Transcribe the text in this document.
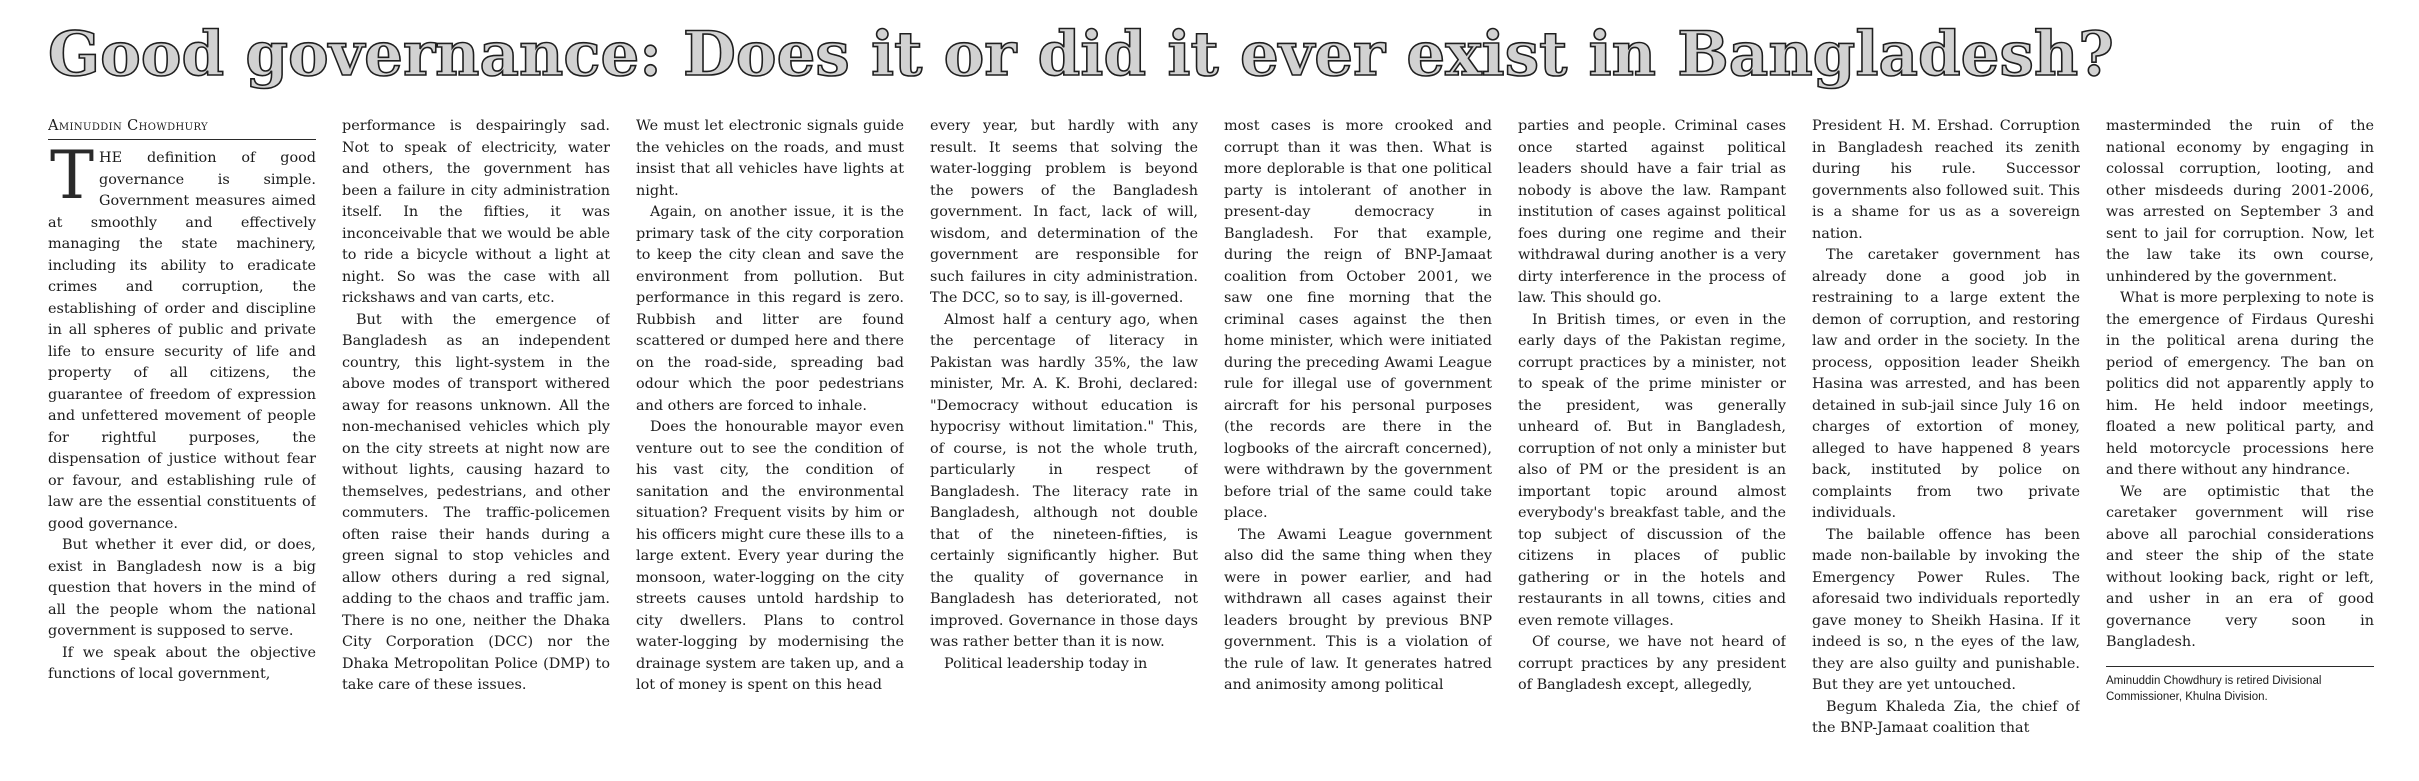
Good governance: Does it or did it ever exist in Bangladesh?
Aminuddin Chowdhury

THE definition of good governance is simple. Government measures aimed at smoothly and effectively managing the state machinery, including its ability to eradicate crimes and corruption, the establishing of order and discipline in all spheres of public and private life to ensure security of life and property of all citizens, the guarantee of freedom of expression and unfettered movement of people for rightful purposes, the dispensation of justice without fear or favour, and establishing rule of law are the essential constituents of good governance.

But whether it ever did, or does, exist in Bangladesh now is a big question that hovers in the mind of all the people whom the national government is supposed to serve.

If we speak about the objective functions of local government,

performance is despairingly sad. Not to speak of electricity, water and others, the government has been a failure in city administration itself. In the fifties, it was inconceivable that we would be able to ride a bicycle without a light at night. So was the case with all rickshaws and van carts, etc.

But with the emergence of Bangladesh as an independent country, this light-system in the above modes of transport withered away for reasons unknown. All the non-mechanised vehicles which ply on the city streets at night now are without lights, causing hazard to themselves, pedestrians, and other commuters. The traffic-policemen often raise their hands during a green signal to stop vehicles and allow others during a red signal, adding to the chaos and traffic jam. There is no one, neither the Dhaka City Corporation (DCC) nor the Dhaka Metropolitan Police (DMP) to take care of these issues.

We must let electronic signals guide the vehicles on the roads, and must insist that all vehicles have lights at night.

Again, on another issue, it is the primary task of the city corporation to keep the city clean and save the environment from pollution. But performance in this regard is zero. Rubbish and litter are found scattered or dumped here and there on the road-side, spreading bad odour which the poor pedestrians and others are forced to inhale.

Does the honourable mayor even venture out to see the condition of his vast city, the condition of sanitation and the environmental situation? Frequent visits by him or his officers might cure these ills to a large extent. Every year during the monsoon, water-logging on the city streets causes untold hardship to city dwellers. Plans to control water-logging by modernising the drainage system are taken up, and a lot of money is spent on this head

every year, but hardly with any result. It seems that solving the water-logging problem is beyond the powers of the Bangladesh government. In fact, lack of will, wisdom, and determination of the government are responsible for such failures in city administration. The DCC, so to say, is ill-governed.

Almost half a century ago, when the percentage of literacy in Pakistan was hardly 35%, the law minister, Mr. A. K. Brohi, declared: "Democracy without education is hypocrisy without limitation." This, of course, is not the whole truth, particularly in respect of Bangladesh. The literacy rate in Bangladesh, although not double that of the nineteen-fifties, is certainly significantly higher. But the quality of governance in Bangladesh has deteriorated, not improved. Governance in those days was rather better than it is now.

Political leadership today in

most cases is more crooked and corrupt than it was then. What is more deplorable is that one political party is intolerant of another in present-day democracy in Bangladesh. For that example, during the reign of BNP-Jamaat coalition from October 2001, we saw one fine morning that the criminal cases against the then home minister, which were initiated during the preceding Awami League rule for illegal use of government aircraft for his personal purposes (the records are there in the logbooks of the aircraft concerned), were withdrawn by the government before trial of the same could take place.

The Awami League government also did the same thing when they were in power earlier, and had withdrawn all cases against their leaders brought by previous BNP government. This is a violation of the rule of law. It generates hatred and animosity among political

parties and people. Criminal cases once started against political leaders should have a fair trial as nobody is above the law. Rampant institution of cases against political foes during one regime and their withdrawal during another is a very dirty interference in the process of law. This should go.

In British times, or even in the early days of the Pakistan regime, corrupt practices by a minister, not to speak of the prime minister or the president, was generally unheard of. But in Bangladesh, corruption of not only a minister but also of PM or the president is an important topic around almost everybody's breakfast table, and the top subject of discussion of the citizens in places of public gathering or in the hotels and restaurants in all towns, cities and even remote villages.

Of course, we have not heard of corrupt practices by any president of Bangladesh except, allegedly,

President H. M. Ershad. Corruption in Bangladesh reached its zenith during his rule. Successor governments also followed suit. This is a shame for us as a sovereign nation.

The caretaker government has already done a good job in restraining to a large extent the demon of corruption, and restoring law and order in the society. In the process, opposition leader Sheikh Hasina was arrested, and has been detained in sub-jail since July 16 on charges of extortion of money, alleged to have happened 8 years back, instituted by police on complaints from two private individuals.

The bailable offence has been made non-bailable by invoking the Emergency Power Rules. The aforesaid two individuals reportedly gave money to Sheikh Hasina. If it indeed is so, n the eyes of the law, they are also guilty and punishable. But they are yet untouched.

Begum Khaleda Zia, the chief of the BNP-Jamaat coalition that

masterminded the ruin of the national economy by engaging in colossal corruption, looting, and other misdeeds during 2001-2006, was arrested on September 3 and sent to jail for corruption. Now, let the law take its own course, unhindered by the government.

What is more perplexing to note is the emergence of Firdaus Qureshi in the political arena during the period of emergency. The ban on politics did not apparently apply to him. He held indoor meetings, floated a new political party, and held motorcycle processions here and there without any hindrance.

We are optimistic that the caretaker government will rise above all parochial considerations and steer the ship of the state without looking back, right or left, and usher in an era of good governance very soon in Bangladesh.

Aminuddin Chowdhury is retired Divisional Commissioner, Khulna Division.
